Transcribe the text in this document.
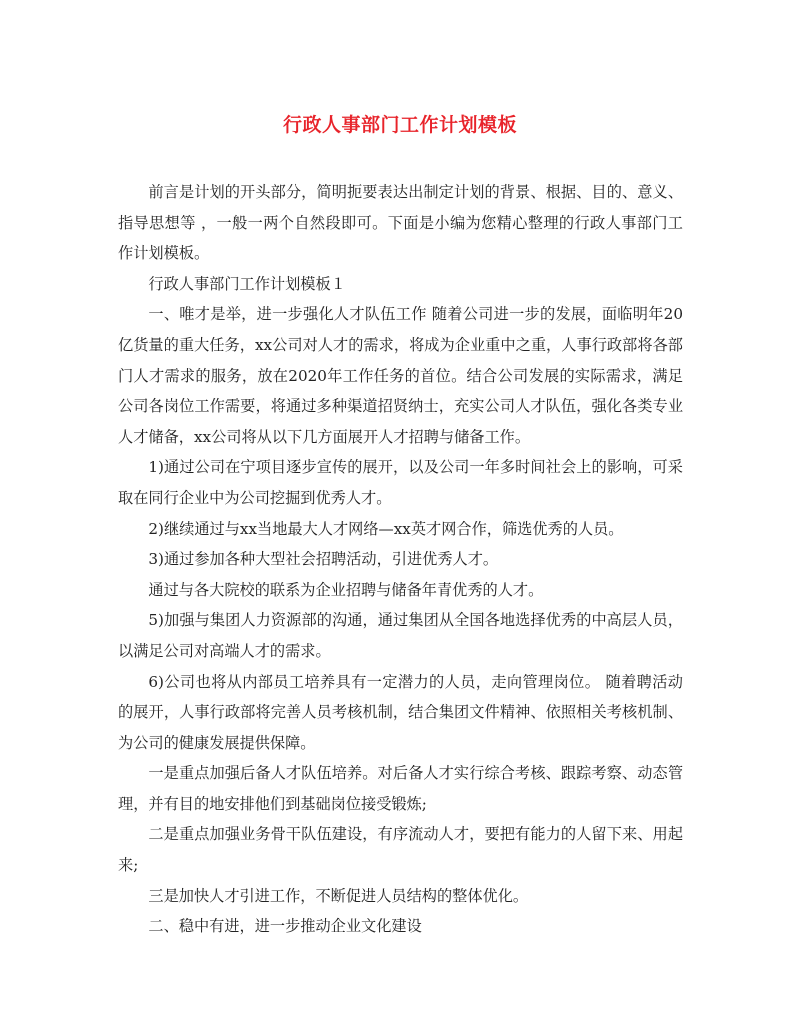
行政人事部门工作计划模板

前言是计划的开头部分，简明扼要表达出制定计划的背景、根据、目的、意义、指导思想等 ，一般一两个自然段即可。下面是小编为您精心整理的行政人事部门工作计划模板。

行政人事部门工作计划模板１

一、唯才是举，进一步强化人才队伍工作 随着公司进一步的发展，面临明年20亿货量的重大任务，xx公司对人才的需求，将成为企业重中之重，人事行政部将各部门人才需求的服务，放在2020年工作任务的首位。结合公司发展的实际需求，满足公司各岗位工作需要，将通过多种渠道招贤纳士，充实公司人才队伍，强化各类专业人才储备，xx公司将从以下几方面展开人才招聘与储备工作。

1)通过公司在宁项目逐步宣传的展开，以及公司一年多时间社会上的影响，可采取在同行企业中为公司挖掘到优秀人才。

2)继续通过与xx当地最大人才网络—xx英才网合作，筛选优秀的人员。

3)通过参加各种大型社会招聘活动，引进优秀人才。

通过与各大院校的联系为企业招聘与储备年青优秀的人才。

5)加强与集团人力资源部的沟通，通过集团从全国各地选择优秀的中高层人员，以满足公司对高端人才的需求。

6)公司也将从内部员工培养具有一定潜力的人员，走向管理岗位。 随着聘活动的展开，人事行政部将完善人员考核机制，结合集团文件精神、依照相关考核机制、为公司的健康发展提供保障。

一是重点加强后备人才队伍培养。对后备人才实行综合考核、跟踪考察、动态管理，并有目的地安排他们到基础岗位接受锻炼;

二是重点加强业务骨干队伍建设，有序流动人才，要把有能力的人留下来、用起来;

三是加快人才引进工作，不断促进人员结构的整体优化。

二、稳中有进，进一步推动企业文化建设
